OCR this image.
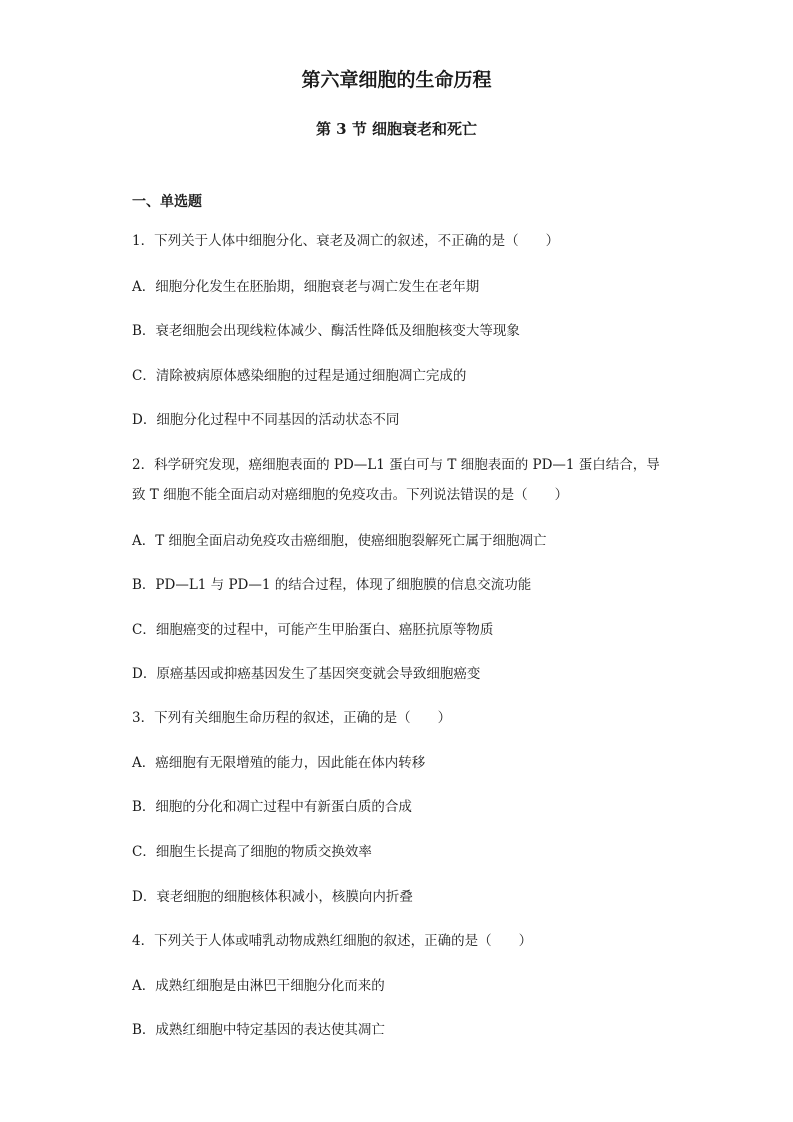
第六章细胞的生命历程
第 3 节 细胞衰老和死亡
一、单选题
1．下列关于人体中细胞分化、衰老及凋亡的叙述，不正确的是（　　）
A．细胞分化发生在胚胎期，细胞衰老与凋亡发生在老年期
B．衰老细胞会出现线粒体减少、酶活性降低及细胞核变大等现象
C．清除被病原体感染细胞的过程是通过细胞凋亡完成的
D．细胞分化过程中不同基因的活动状态不同
2．科学研究发现，癌细胞表面的 PD—L1 蛋白可与 T 细胞表面的 PD—1 蛋白结合，导
致 T 细胞不能全面启动对癌细胞的免疫攻击。下列说法错误的是（　　）
A．T 细胞全面启动免疫攻击癌细胞，使癌细胞裂解死亡属于细胞凋亡
B．PD—L1 与 PD—1 的结合过程，体现了细胞膜的信息交流功能
C．细胞癌变的过程中，可能产生甲胎蛋白、癌胚抗原等物质
D．原癌基因或抑癌基因发生了基因突变就会导致细胞癌变
3．下列有关细胞生命历程的叙述，正确的是（　　）
A．癌细胞有无限增殖的能力，因此能在体内转移
B．细胞的分化和凋亡过程中有新蛋白质的合成
C．细胞生长提高了细胞的物质交换效率
D．衰老细胞的细胞核体积减小，核膜向内折叠
4．下列关于人体或哺乳动物成熟红细胞的叙述，正确的是（　　）
A．成熟红细胞是由淋巴干细胞分化而来的
B．成熟红细胞中特定基因的表达使其凋亡
